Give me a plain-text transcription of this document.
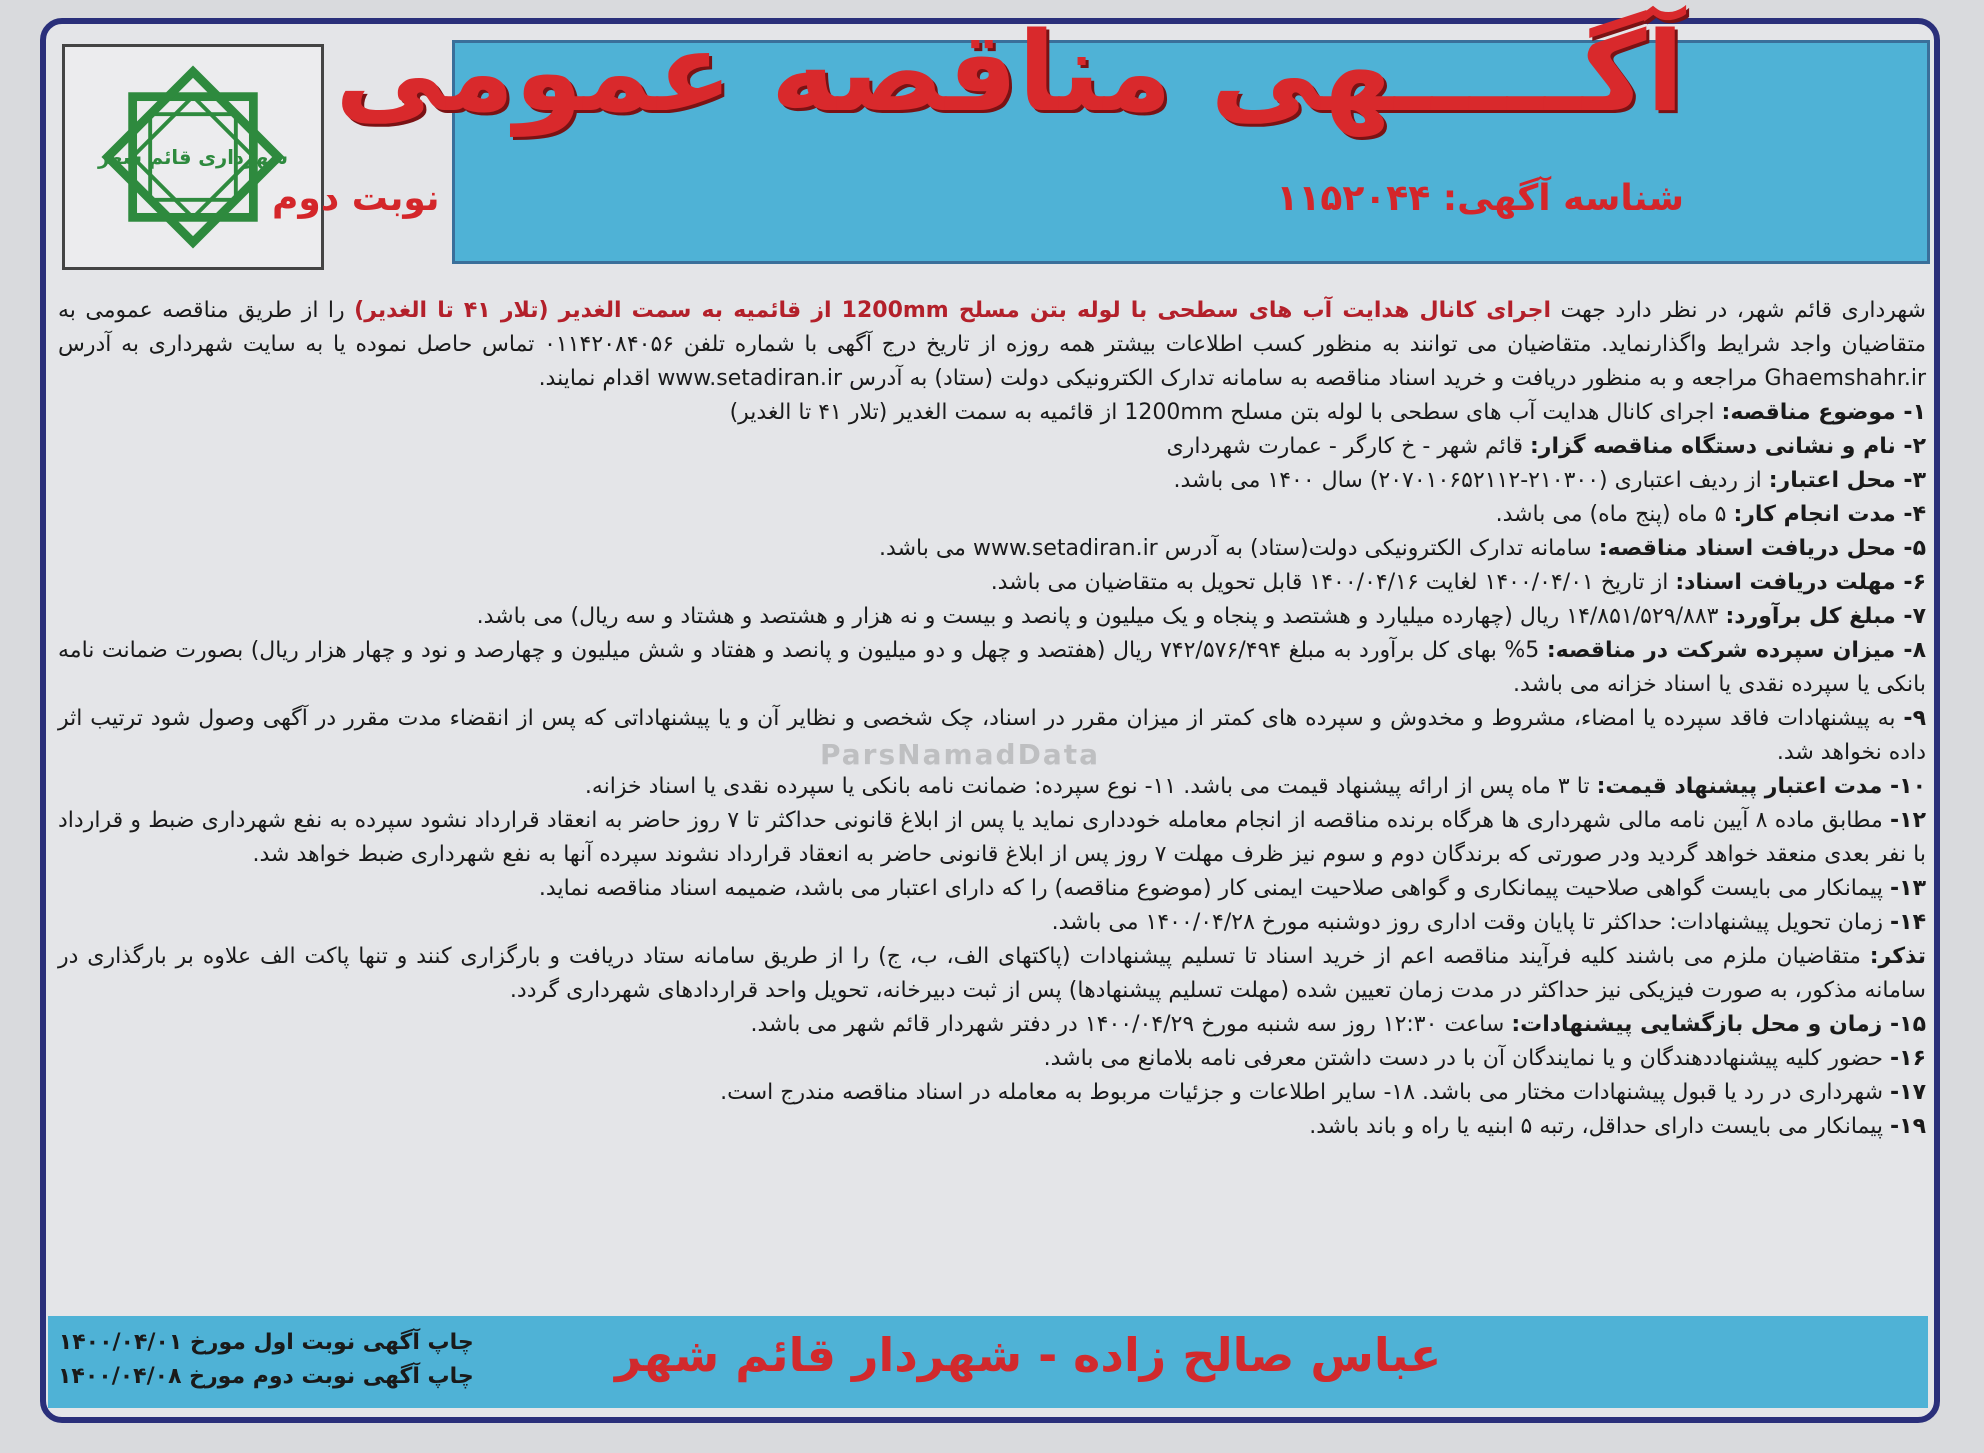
شهرداری قائم شهر
آگـــــهی مناقصه عمومی
شناسه آگهی: ۱۱۵۲۰۴۴
نوبت دوم

شهرداری قائم شهر، در نظر دارد جهت اجرای کانال هدایت آب های سطحی با لوله بتن مسلح 1200mm از قائمیه به سمت الغدیر (تلار ۴۱ تا الغدیر) را از طریق مناقصه عمومی به متقاضیان واجد شرایط واگذارنماید. متقاضیان می توانند به منظور کسب اطلاعات بیشتر همه روزه از تاریخ درج آگهی با شماره تلفن ۰۱۱۴۲۰۸۴۰۵۶ تماس حاصل نموده یا به سایت شهرداری به آدرس Ghaemshahr.ir مراجعه و به منظور دریافت و خرید اسناد مناقصه به سامانه تدارک الکترونیکی دولت (ستاد) به آدرس www.setadiran.ir اقدام نمایند.

۱- موضوع مناقصه: اجرای کانال هدایت آب های سطحی با لوله بتن مسلح 1200mm از قائمیه به سمت الغدیر (تلار ۴۱ تا الغدیر)

۲- نام و نشانی دستگاه مناقصه گزار: قائم شهر - خ کارگر - عمارت شهرداری

۳- محل اعتبار: از ردیف اعتباری (۲۱۰۳۰۰-۲۰۷۰۱۰۶۵۲۱۱۲) سال ۱۴۰۰ می باشد.

۴- مدت انجام کار: ۵ ماه (پنج ماه) می باشد.

۵- محل دریافت اسناد مناقصه: سامانه تدارک الکترونیکی دولت(ستاد) به آدرس www.setadiran.ir می باشد.

۶- مهلت دریافت اسناد: از تاریخ ۱۴۰۰/۰۴/۰۱ لغایت ۱۴۰۰/۰۴/۱۶ قابل تحویل به متقاضیان می باشد.

۷- مبلغ کل برآورد: ۱۴/۸۵۱/۵۲۹/۸۸۳ ریال (چهارده میلیارد و هشتصد و پنجاه و یک میلیون و پانصد و بیست و نه هزار و هشتصد و هشتاد و سه ریال) می باشد.

۸- میزان سپرده شرکت در مناقصه: 5% بهای کل برآورد به مبلغ ۷۴۲/۵۷۶/۴۹۴ ریال (هفتصد و چهل و دو میلیون و پانصد و هفتاد و شش میلیون و چهارصد و نود و چهار هزار ریال) بصورت ضمانت نامه بانکی یا سپرده نقدی یا اسناد خزانه می باشد.

۹- به پیشنهادات فاقد سپرده یا امضاء، مشروط و مخدوش و سپرده های کمتر از میزان مقرر در اسناد، چک شخصی و نظایر آن و یا پیشنهاداتی که پس از انقضاء مدت مقرر در آگهی وصول شود ترتیب اثر داده نخواهد شد.

۱۰- مدت اعتبار پیشنهاد قیمت: تا ۳ ماه پس از ارائه پیشنهاد قیمت می باشد. ۱۱- نوع سپرده: ضمانت نامه بانکی یا سپرده نقدی یا اسناد خزانه.

۱۲- مطابق ماده ۸ آیین نامه مالی شهرداری ها هرگاه برنده مناقصه از انجام معامله خودداری نماید یا پس از ابلاغ قانونی حداکثر تا ۷ روز حاضر به انعقاد قرارداد نشود سپرده به نفع شهرداری ضبط و قرارداد با نفر بعدی منعقد خواهد گردید ودر صورتی که برندگان دوم و سوم نیز ظرف مهلت ۷ روز پس از ابلاغ قانونی حاضر به انعقاد قرارداد نشوند سپرده آنها به نفع شهرداری ضبط خواهد شد.

۱۳- پیمانکار می بایست گواهی صلاحیت پیمانکاری و گواهی صلاحیت ایمنی کار (موضوع مناقصه) را که دارای اعتبار می باشد، ضمیمه اسناد مناقصه نماید.

۱۴- زمان تحویل پیشنهادات: حداکثر تا پایان وقت اداری روز دوشنبه مورخ ۱۴۰۰/۰۴/۲۸ می باشد.

تذکر: متقاضیان ملزم می باشند کلیه فرآیند مناقصه اعم از خرید اسناد تا تسلیم پیشنهادات (پاکتهای الف، ب، ج) را از طریق سامانه ستاد دریافت و بارگزاری کنند و تنها پاکت الف علاوه بر بارگذاری در سامانه مذکور، به صورت فیزیکی نیز حداکثر در مدت زمان تعیین شده (مهلت تسلیم پیشنهادها) پس از ثبت دبیرخانه، تحویل واحد قراردادهای شهرداری گردد.

۱۵- زمان و محل بازگشایی پیشنهادات: ساعت ۱۲:۳۰ روز سه شنبه مورخ ۱۴۰۰/۰۴/۲۹ در دفتر شهردار قائم شهر می باشد.

۱۶- حضور کلیه پیشنهاددهندگان و یا نمایندگان آن با در دست داشتن معرفی نامه بلامانع می باشد.

۱۷- شهرداری در رد یا قبول پیشنهادات مختار می باشد. ۱۸- سایر اطلاعات و جزئیات مربوط به معامله در اسناد مناقصه مندرج است.

۱۹- پیمانکار می بایست دارای حداقل، رتبه ۵ ابنیه یا راه و باند باشد.

ParsNamadData
عباس صالح زاده - شهردار قائم شهر
چاپ آگهی نوبت اول مورخ ۱۴۰۰/۰۴/۰۱
چاپ آگهی نوبت دوم مورخ ۱۴۰۰/۰۴/۰۸
